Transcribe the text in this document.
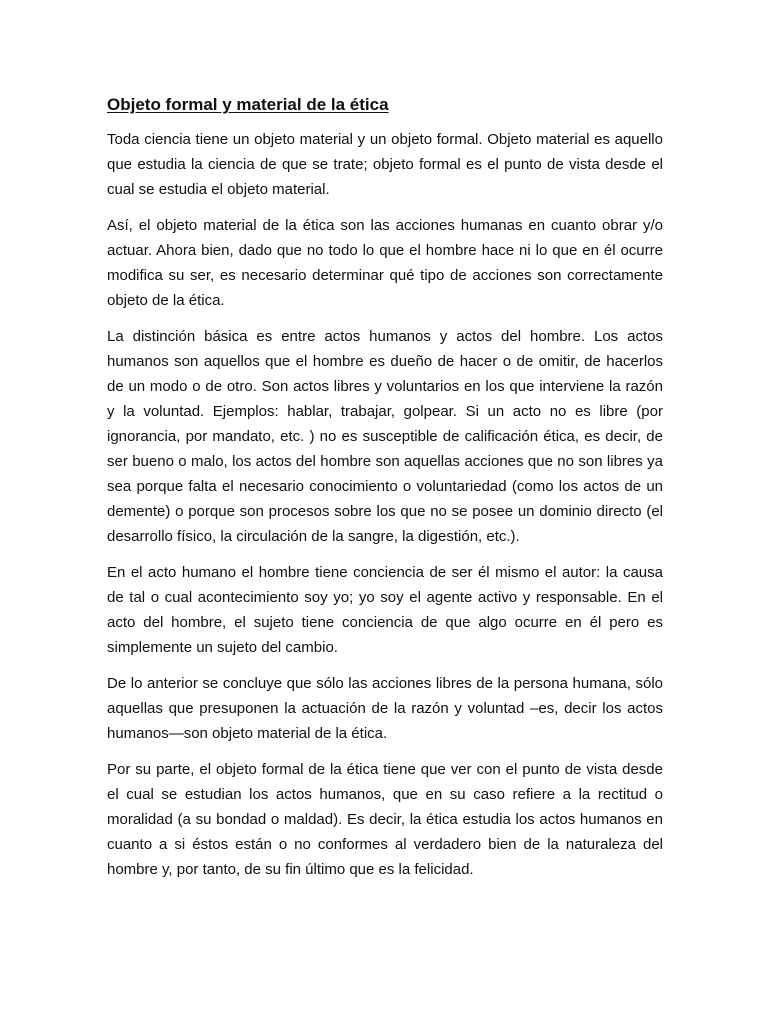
Objeto formal y material de la ética

Toda ciencia tiene un objeto material y un objeto formal. Objeto material es aquello que estudia la ciencia de que se trate; objeto formal es el punto de vista desde el cual se estudia el objeto material.

Así, el objeto material de la ética son las acciones humanas en cuanto obrar y/o actuar. Ahora bien, dado que no todo lo que el hombre hace ni lo que en él ocurre modifica su ser, es necesario determinar qué tipo de acciones son correctamente objeto de la ética.

La distinción básica es entre actos humanos y actos del hombre. Los actos humanos son aquellos que el hombre es dueño de hacer o de omitir, de hacerlos de un modo o de otro. Son actos libres y voluntarios en los que interviene la razón y la voluntad. Ejemplos: hablar, trabajar, golpear. Si un acto no es libre (por ignorancia, por mandato, etc. ) no es susceptible de calificación ética, es decir, de ser bueno o malo, los actos del hombre son aquellas acciones que no son libres ya sea porque falta el necesario conocimiento o voluntariedad (como los actos de un demente) o porque son procesos sobre los que no se posee un dominio directo (el desarrollo físico, la circulación de la sangre, la digestión, etc.).

En el acto humano el hombre tiene conciencia de ser él mismo el autor: la causa de tal o cual acontecimiento soy yo; yo soy el agente activo y responsable. En el acto del hombre, el sujeto tiene conciencia de que algo ocurre en él pero es simplemente un sujeto del cambio.

De lo anterior se concluye que sólo las acciones libres de la persona humana, sólo aquellas que presuponen la actuación de la razón y voluntad –es, decir los actos humanos—son objeto material de la ética.

Por su parte, el objeto formal de la ética tiene que ver con el punto de vista desde el cual se estudian los actos humanos, que en su caso refiere a la rectitud o moralidad (a su bondad o maldad). Es decir, la ética estudia los actos humanos en cuanto a si éstos están o no conformes al verdadero bien de la naturaleza del hombre y, por tanto, de su fin último que es la felicidad.
